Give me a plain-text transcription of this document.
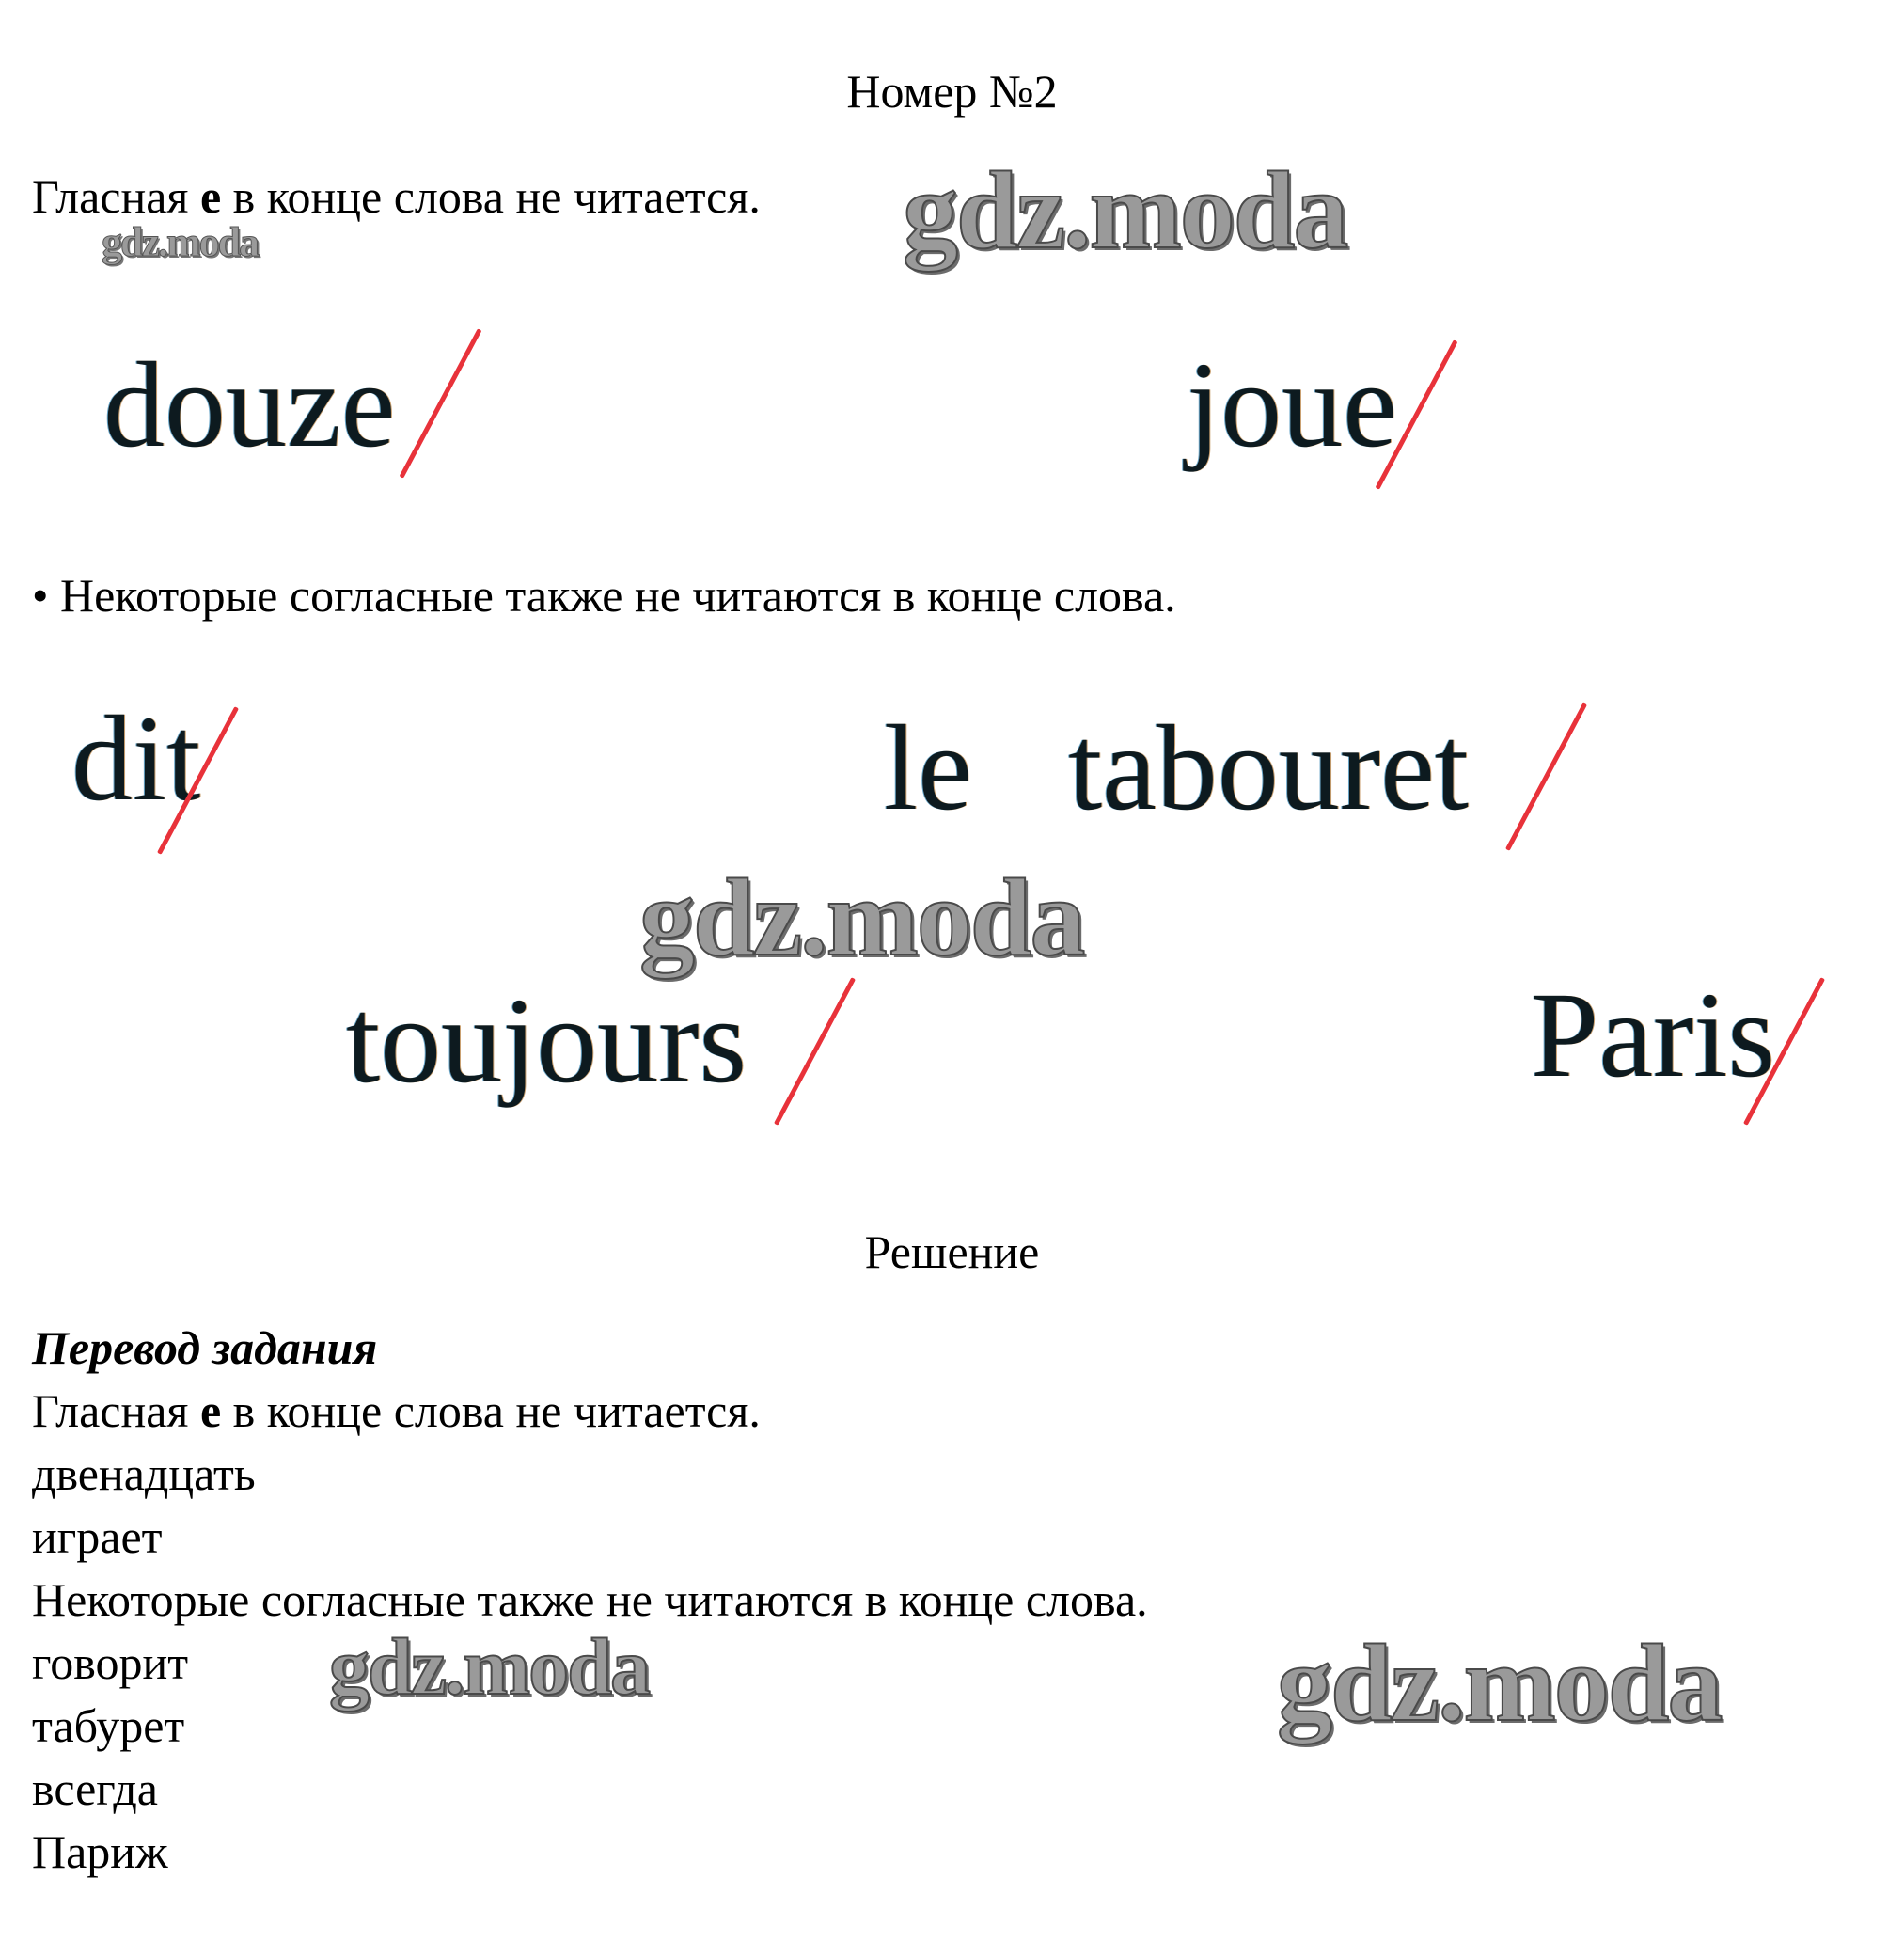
Номер №2
Гласная е в конце слова не читается.
douze	joue
• Некоторые согласные также не читаются в конце слова.
dit	le tabouret
toujours	Paris
Решение
Перевод задания
Гласная е в конце слова не читается.
двенадцать
играет
Некоторые согласные также не читаются в конце слова.
говорит
табурет
всегда
Париж
gdz.moda
gdz.moda
gdz.moda
gdz.moda	gdz.moda
